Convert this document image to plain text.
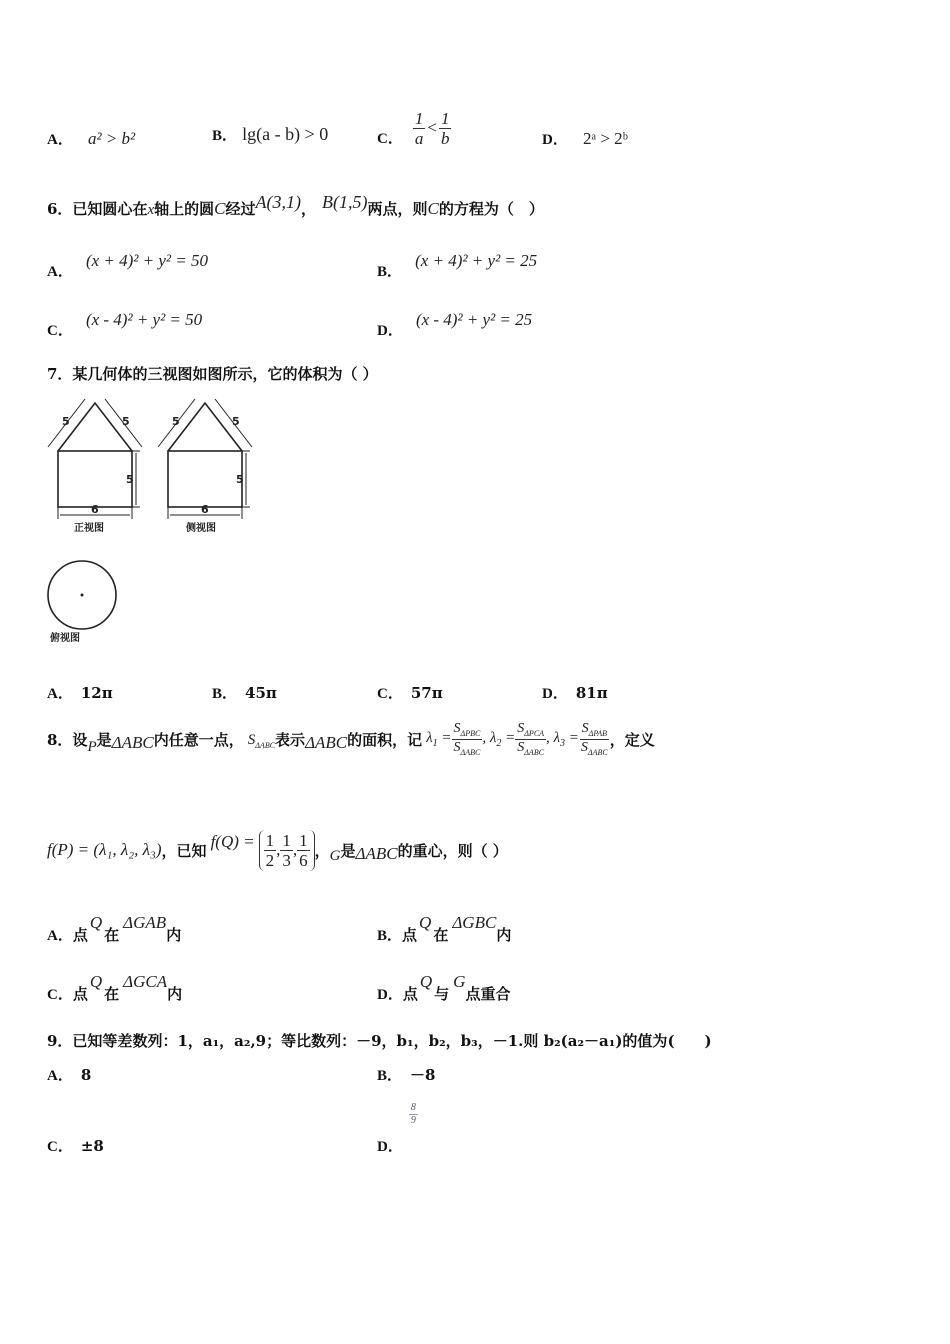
A． a² > b²	B． lg(a - b) > 0	C． $\frac{1}{a} < \frac{1}{b}$	D． 2ᵃ > 2ᵇ
6．已知圆心在x轴上的圆C经过A(3,1)， B(1,5)两点，则C的方程为（　）
A． (x + 4)² + y² = 50
B． (x + 4)² + y² = 25
C． (x - 4)² + y² = 50
D． (x - 4)² + y² = 25
7．某几何体的三视图如图所示，它的体积为（ ）
5	5
5
6
5	5
5
6
正视图	侧视图
俯视图
A． 12π	B． 45π	C． 57π	D． 81π
8．设 P 是 ΔABC 内任意一点， $S_{\Delta ABC}$ 表示 ΔABC 的面积，记 $\lambda_1 = \frac{S_{\Delta PBC}}{S_{\Delta ABC}}$ , $\lambda_2 = \frac{S_{\Delta PCA}}{S_{\Delta ABC}}$ , $\lambda_3 = \frac{S_{\Delta PAB}}{S_{\Delta ABC}}$ ，定义
f(P) = (λ₁, λ₂, λ₃) ，已知 $f(Q) = \frac{1}{2}$ , $\frac{1}{3}$ , $\frac{1}{6}$ ， G 是 ΔABC 的重心，则（ ）
A．点Q在ΔGAB内	B．点Q在ΔGBC内
C．点Q在ΔGCA内	D．点Q与G点重合
9．已知等差数列：1，a₁，a₂,9；等比数列：－9，b₁，b₂，b₃，－1.则 b₂(a₂－a₁)的值为(　　)
A． 8	B． －8
C． ±8	D．
$\frac{8}{9}$
